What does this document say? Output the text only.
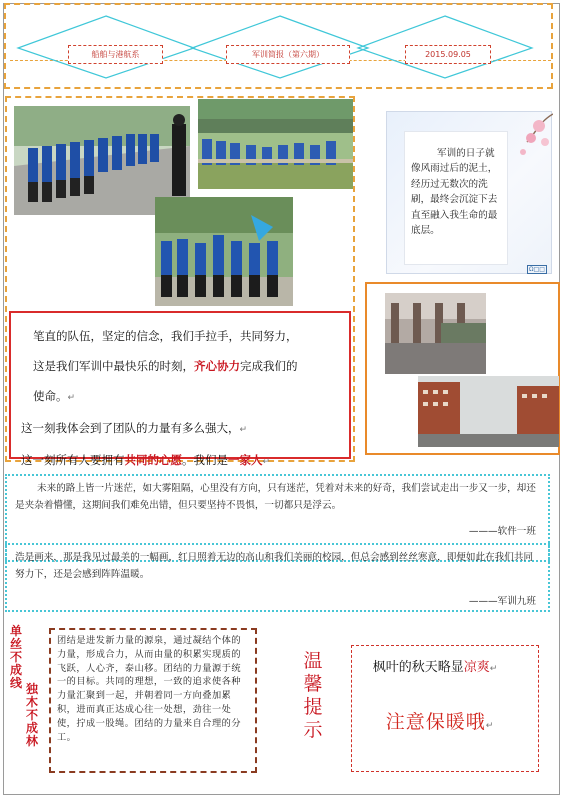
船舶与港航系	军训简报（第六期）	2015.09.05
笔直的队伍，坚定的信念，我们手拉手，共同努力，
这是我们军训中最快乐的时刻，齐心协力完成我们的
使命。↵
这一刻我体会到了团队的力量有多么强大，↵
这一刻所有人要拥有共同的心愿。我们是一家人↵
军训的日子就像风雨过后的泥土，经历过无数次的洗刷，最终会沉淀下去直至融入我生命的最底层。
Ω□□
未来的路上皆一片迷茫，如大雾阻隔，心里没有方向，只有迷茫，凭着对未来的好奇，我们尝试走出一步又一步，却还是夹杂着懵懂，这期间我们难免出错，但只要坚持不畏惧，一切都只是浮云。
———软件一班
浩是画来，那是我见过最美的一幅画，红日照着无边的高山和我们美丽的校园，但总会感到丝丝寒意，即便如此在我们共同努力下，还是会感到阵阵温暖。
———军训九班
单丝不成线 独木不成林
团结是进发新力量的源泉，通过凝结个体的力量，形成合力，从而由量的积累实现质的飞跃，人心齐，泰山移。团结的力量源于统一的目标。共同的理想，一致的追求使各种力量汇聚到一起，并朝着同一方向叠加累积，进而真正达成心往一处想，劲往一处使，拧成一股绳。团结的力量来自合理的分工。
温馨提示
枫叶的秋天略显凉爽↵
注意保暖哦↵
